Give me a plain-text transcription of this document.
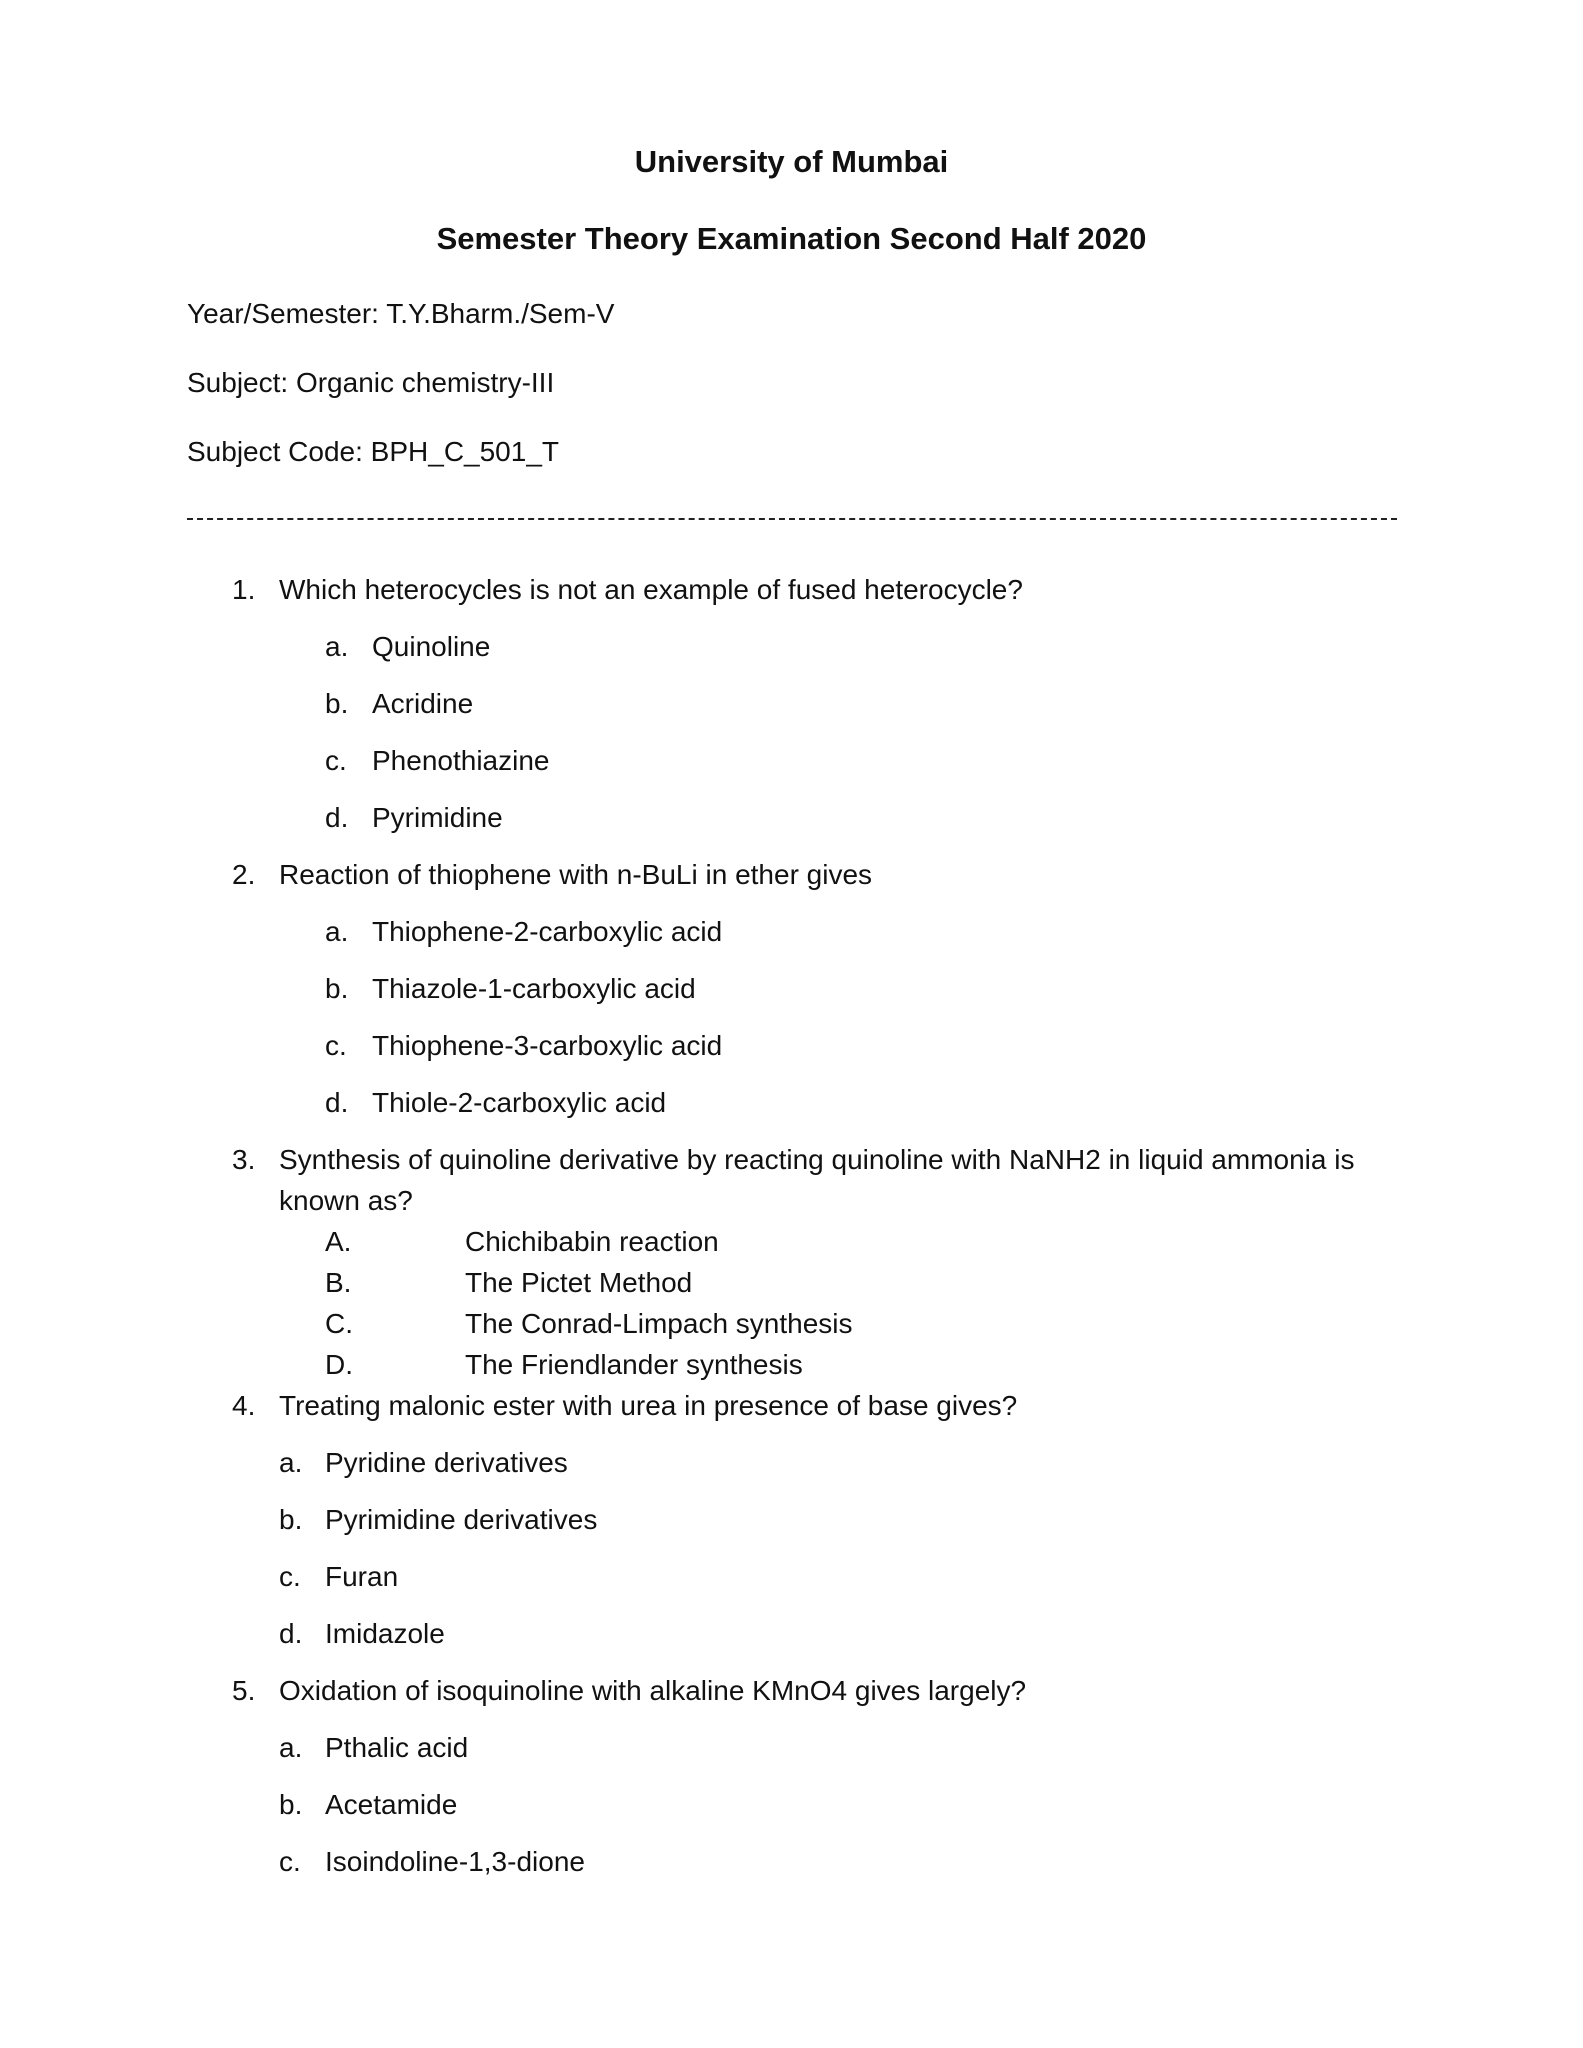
University of Mumbai
Semester Theory Examination Second Half 2020
Year/Semester: T.Y.Bharm./Sem-V
Subject: Organic chemistry-III
Subject Code: BPH_C_501_T
1. Which heterocycles is not an example of fused heterocycle?
a. Quinoline
b. Acridine
c. Phenothiazine
d. Pyrimidine
2. Reaction of thiophene with n-BuLi in ether gives
a. Thiophene-2-carboxylic acid
b. Thiazole-1-carboxylic acid
c. Thiophene-3-carboxylic acid
d. Thiole-2-carboxylic acid
3. Synthesis of quinoline derivative by reacting quinoline with NaNH2 in liquid ammonia is
known as?
A.	Chichibabin reaction
B.	The Pictet Method
C.	The Conrad-Limpach synthesis
D.	The Friendlander synthesis
4. Treating malonic ester with urea in presence of base gives?
a. Pyridine derivatives
b. Pyrimidine derivatives
c. Furan
d. Imidazole
5. Oxidation of isoquinoline with alkaline KMnO4 gives largely?
a. Pthalic acid
b. Acetamide
c. Isoindoline-1,3-dione
